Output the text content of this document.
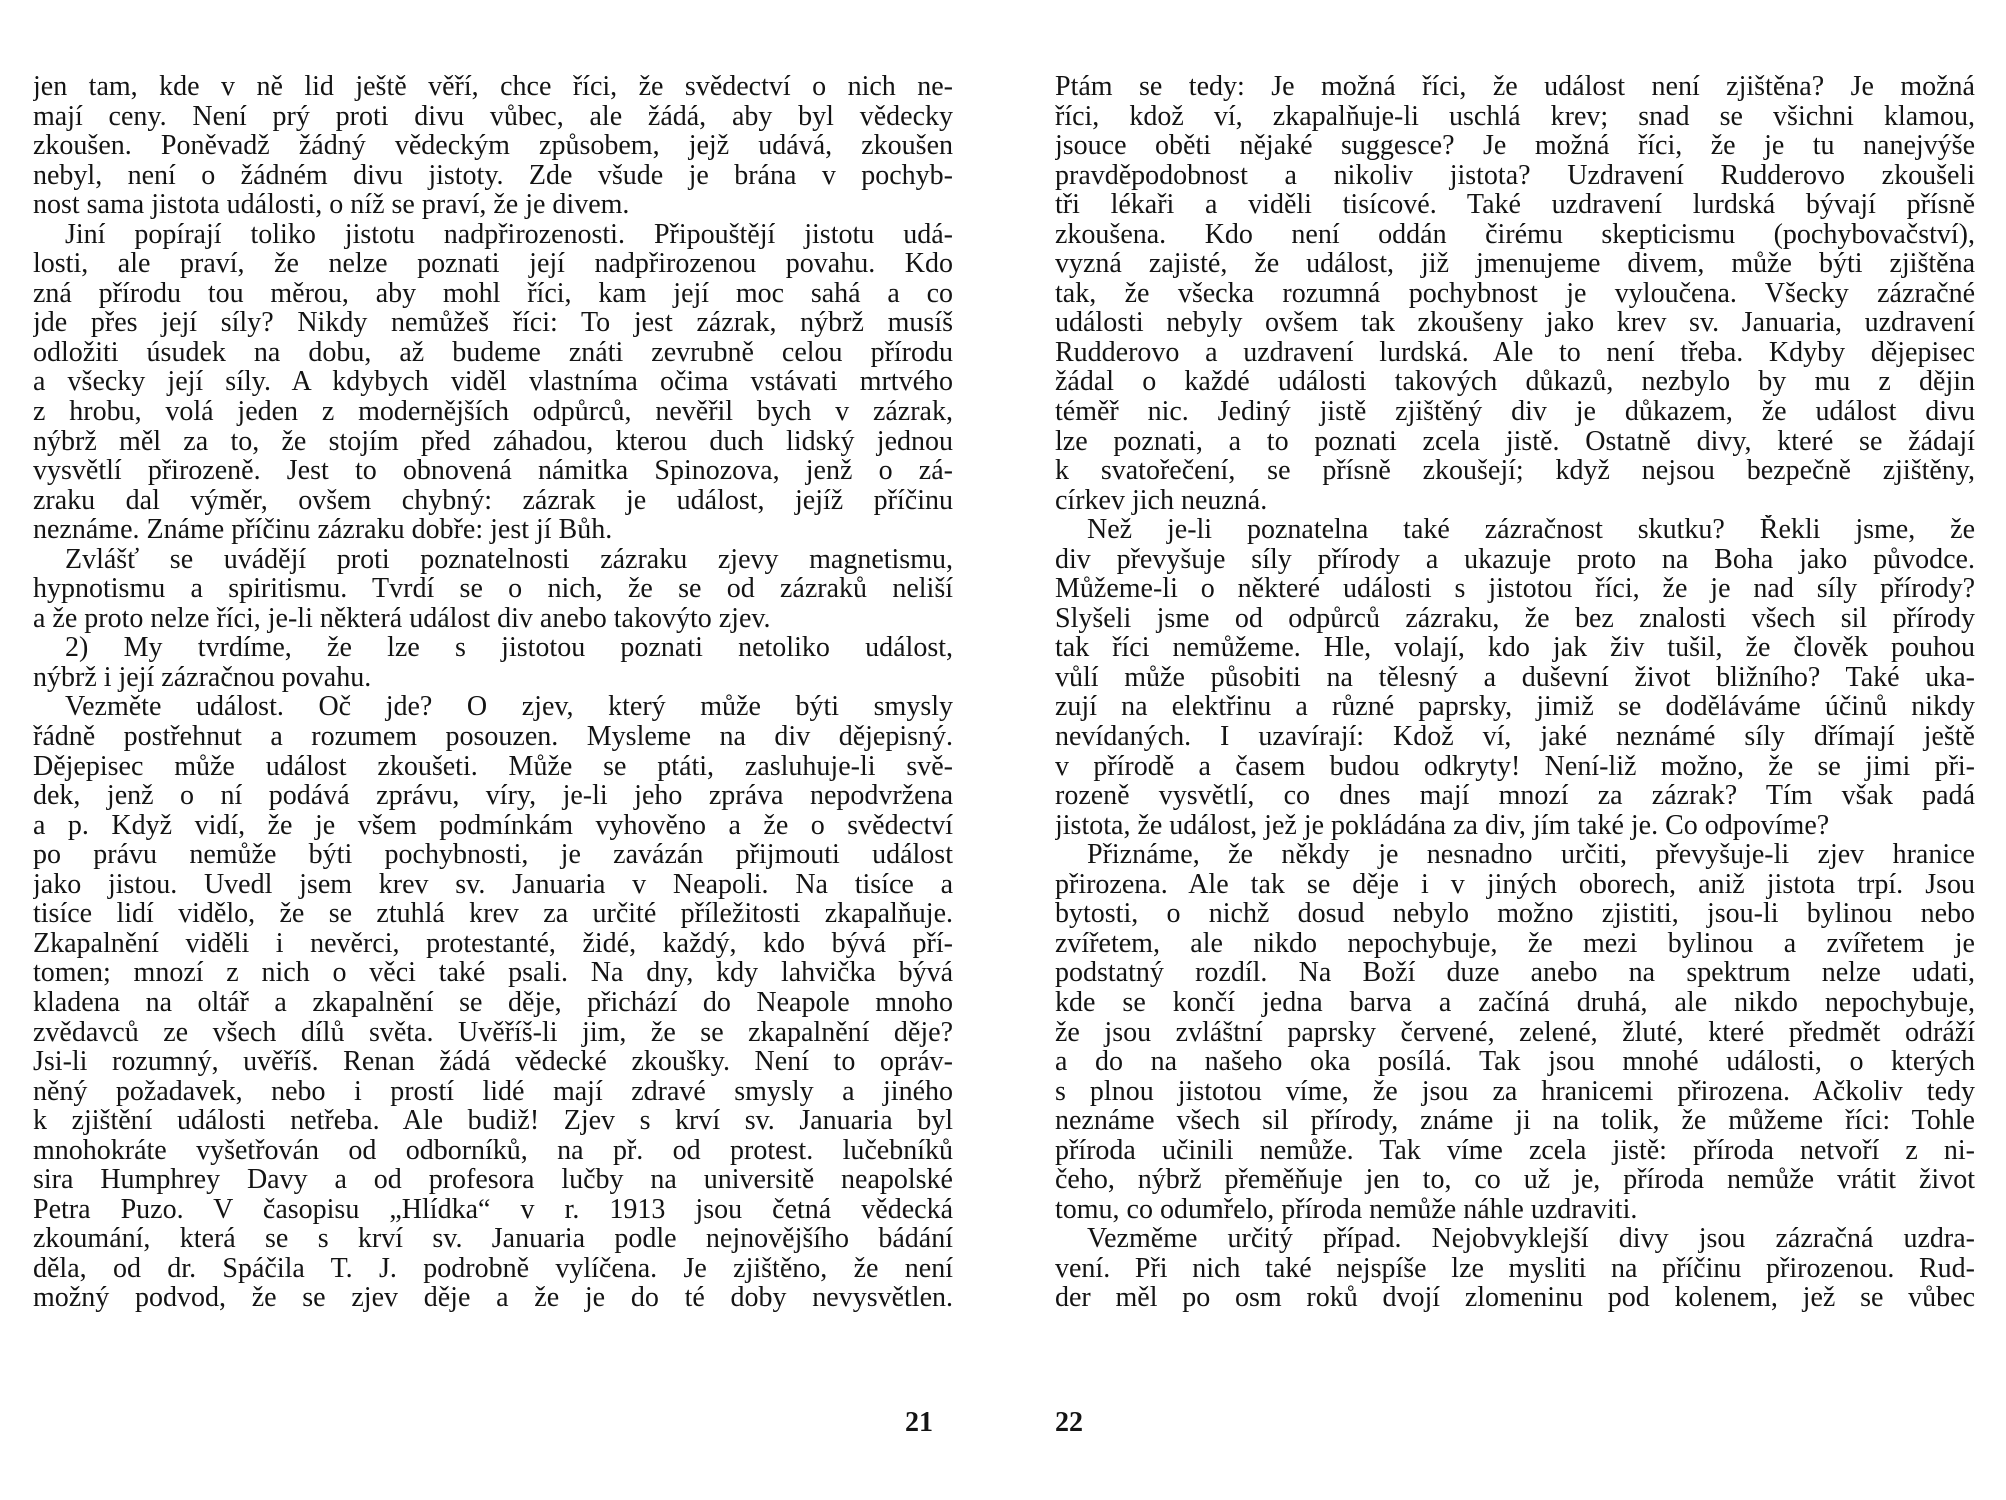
jen tam, kde v ně lid ještě věří, chce říci, že svědectví o nich ne-
mají ceny. Není prý proti divu vůbec, ale žádá, aby byl vědecky
zkoušen. Poněvadž žádný vědeckým způsobem, jejž udává, zkoušen
nebyl, není o žádném divu jistoty. Zde všude je brána v pochyb-
nost sama jistota události, o níž se praví, že je divem.
Jiní popírají toliko jistotu nadpřirozenosti. Připouštějí jistotu udá-
losti, ale praví, že nelze poznati její nadpřirozenou povahu. Kdo
zná přírodu tou měrou, aby mohl říci, kam její moc sahá a co
jde přes její síly? Nikdy nemůžeš říci: To jest zázrak, nýbrž musíš
odložiti úsudek na dobu, až budeme znáti zevrubně celou přírodu
a všecky její síly. A kdybych viděl vlastníma očima vstávati mrtvého
z hrobu, volá jeden z modernějších odpůrců, nevěřil bych v zázrak,
nýbrž měl za to, že stojím před záhadou, kterou duch lidský jednou
vysvětlí přirozeně. Jest to obnovená námitka Spinozova, jenž o zá-
zraku dal výměr, ovšem chybný: zázrak je událost, jejíž příčinu
neznáme. Známe příčinu zázraku dobře: jest jí Bůh.
Zvlášť se uvádějí proti poznatelnosti zázraku zjevy magnetismu,
hypnotismu a spiritismu. Tvrdí se o nich, že se od zázraků neliší
a že proto nelze říci, je-li některá událost div anebo takovýto zjev.
2) My tvrdíme, že lze s jistotou poznati netoliko událost,
nýbrž i její zázračnou povahu.
Vezměte událost. Oč jde? O zjev, který může býti smysly
řádně postřehnut a rozumem posouzen. Mysleme na div dějepisný.
Dějepisec může událost zkoušeti. Může se ptáti, zasluhuje-li svě-
dek, jenž o ní podává zprávu, víry, je-li jeho zpráva nepodvržena
a p. Když vidí, že je všem podmínkám vyhověno a že o svědectví
po právu nemůže býti pochybnosti, je zavázán přijmouti událost
jako jistou. Uvedl jsem krev sv. Januaria v Neapoli. Na tisíce a
tisíce lidí vidělo, že se ztuhlá krev za určité příležitosti zkapalňuje.
Zkapalnění viděli i nevěrci, protestanté, židé, každý, kdo bývá pří-
tomen; mnozí z nich o věci také psali. Na dny, kdy lahvička bývá
kladena na oltář a zkapalnění se děje, přichází do Neapole mnoho
zvědavců ze všech dílů světa. Uvěříš-li jim, že se zkapalnění děje?
Jsi-li rozumný, uvěříš. Renan žádá vědecké zkoušky. Není to opráv-
něný požadavek, nebo i prostí lidé mají zdravé smysly a jiného
k zjištění události netřeba. Ale budiž! Zjev s krví sv. Januaria byl
mnohokráte vyšetřován od odborníků, na př. od protest. lučebníků
sira Humphrey Davy a od profesora lučby na universitě neapolské
Petra Puzo. V časopisu „Hlídka“ v r. 1913 jsou četná vědecká
zkoumání, která se s krví sv. Januaria podle nejnovějšího bádání
děla, od dr. Spáčila T. J. podrobně vylíčena. Je zjištěno, že není
možný podvod, že se zjev děje a že je do té doby nevysvětlen.
21
Ptám se tedy: Je možná říci, že událost není zjištěna? Je možná
říci, kdož ví, zkapalňuje-li uschlá krev; snad se všichni klamou,
jsouce oběti nějaké suggesce? Je možná říci, že je tu nanejvýše
pravděpodobnost a nikoliv jistota? Uzdravení Rudderovo zkoušeli
tři lékaři a viděli tisícové. Také uzdravení lurdská bývají přísně
zkoušena. Kdo není oddán čirému skepticismu (pochybovačství),
vyzná zajisté, že událost, již jmenujeme divem, může býti zjištěna
tak, že všecka rozumná pochybnost je vyloučena. Všecky zázračné
události nebyly ovšem tak zkoušeny jako krev sv. Januaria, uzdravení
Rudderovo a uzdravení lurdská. Ale to není třeba. Kdyby dějepisec
žádal o každé události takových důkazů, nezbylo by mu z dějin
téměř nic. Jediný jistě zjištěný div je důkazem, že událost divu
lze poznati, a to poznati zcela jistě. Ostatně divy, které se žádají
k svatořečení, se přísně zkoušejí; když nejsou bezpečně zjištěny,
církev jich neuzná.
Než je-li poznatelna také zázračnost skutku? Řekli jsme, že
div převyšuje síly přírody a ukazuje proto na Boha jako původce.
Můžeme-li o některé události s jistotou říci, že je nad síly přírody?
Slyšeli jsme od odpůrců zázraku, že bez znalosti všech sil přírody
tak říci nemůžeme. Hle, volají, kdo jak živ tušil, že člověk pouhou
vůlí může působiti na tělesný a duševní život bližního? Také uka-
zují na elektřinu a různé paprsky, jimiž se doděláváme účinů nikdy
nevídaných. I uzavírají: Kdož ví, jaké neznámé síly dřímají ještě
v přírodě a časem budou odkryty! Není-liž možno, že se jimi při-
rozeně vysvětlí, co dnes mají mnozí za zázrak? Tím však padá
jistota, že událost, jež je pokládána za div, jím také je. Co odpovíme?
Přiznáme, že někdy je nesnadno určiti, převyšuje-li zjev hranice
přirozena. Ale tak se děje i v jiných oborech, aniž jistota trpí. Jsou
bytosti, o nichž dosud nebylo možno zjistiti, jsou-li bylinou nebo
zvířetem, ale nikdo nepochybuje, že mezi bylinou a zvířetem je
podstatný rozdíl. Na Boží duze anebo na spektrum nelze udati,
kde se končí jedna barva a začíná druhá, ale nikdo nepochybuje,
že jsou zvláštní paprsky červené, zelené, žluté, které předmět odráží
a do na našeho oka posílá. Tak jsou mnohé události, o kterých
s plnou jistotou víme, že jsou za hranicemi přirozena. Ačkoliv tedy
neznáme všech sil přírody, známe ji na tolik, že můžeme říci: Tohle
příroda učinili nemůže. Tak víme zcela jistě: příroda netvoří z ni-
čeho, nýbrž přeměňuje jen to, co už je, příroda nemůže vrátit život
tomu, co odumřelo, příroda nemůže náhle uzdraviti.
Vezměme určitý případ. Nejobvyklejší divy jsou zázračná uzdra-
vení. Při nich také nejspíše lze mysliti na příčinu přirozenou. Rud-
der měl po osm roků dvojí zlomeninu pod kolenem, jež se vůbec
22
